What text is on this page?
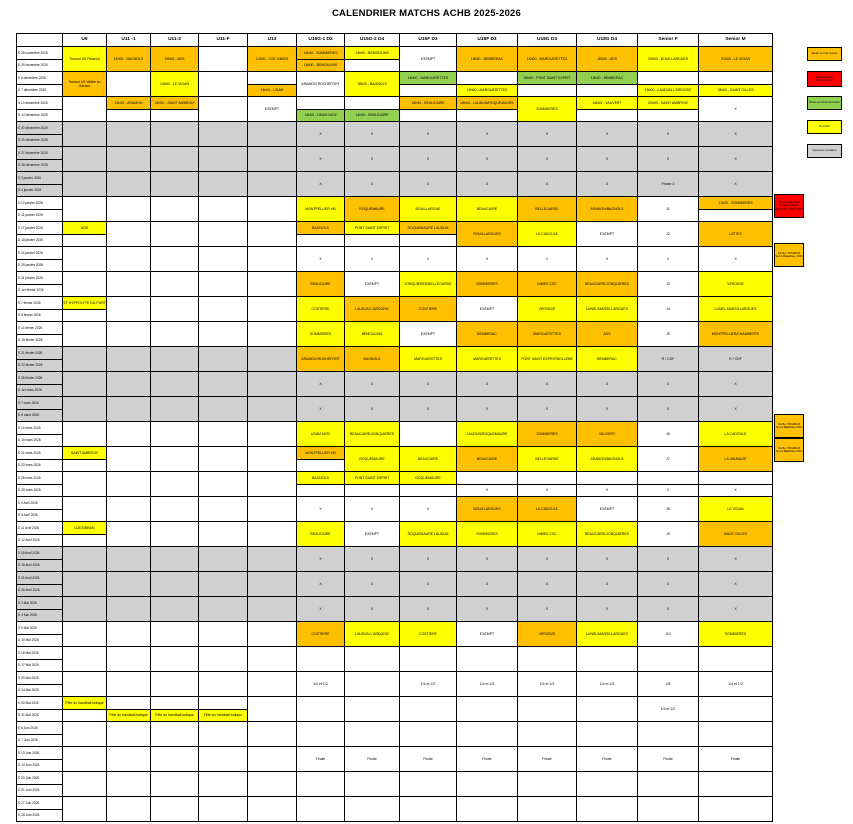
CALENDRIER MATCHS ACHB 2025-2026
	U9	U11 -1	U11-2	U11-F	U13	U15G-1 D2	U15G-2 D4	U15F D3	U18F D3	U18G D3	U18G D4	Senior F	Senior M
S 29 novembre 2025	Tournoi U9 Pétanck	14h00 - BAGNOLS	15h00 - ADS		14h00 - CSC NIMES	14h00 - SOMMIERES	14h00 - BEMOULINS	EXEMPT	18h00 - BEMBERAC	14h00 - MARGUERITTES	18h00 - ADS	20h00 - BOUILLARGUES	21h00 - LE VIGAN
D 30 novembre 2025						16h00 - BEMOULINS							
S 6 décembre 2025	Tournoi U9 Vallée du Gardon		14h00 - LE VIGAN			ARAMON ROCHEFORT	18h00 - BAGNOLS	16h00 - MARGUERITTES		18h00 - PONT SAINT ESPRIT	18h00 - BEMBERAC		
D 7 décembre 2025					14h00 - USAM				15h00 - MARGUERITTES			18h00 - LAUDUN L'ARDOISE	18h00 - SAINT GILLES
S 13 décembre 2025		15h00 - ARAMON	16h00 - SAINT AMBROIX		EXEMPT			16h30 - BEAUCAIRE	18h00 - LAUDUN/ROQUEMAURE	SOMMIERES	16h00 - VAUVERT	20h00 - SAINT AMBROIX	X
D 14 décembre 2025						14h00 - USAM NIO2	14h00 - BEAUCAIRE						
S 20 décembre 2025						X	X	X	X	X	X	X	X
D 21 décembre 2025													
S 27 décembre 2025						X	X	X	X	X	X	X	X
D 28 décembre 2025													
S 3 janvier 2026						X	X	X	X	X	X	Phase 2	X
D 4 janvier 2026													
S 10 janvier 2026						MONTPELLIER HB	ROQUEMAURE	BOUILLARGUE	BEAUCAIRE	BELLEGARDE	ARAMON/BAGNOLS	J1	21h00 - SOMMIERES
D 11 janvier 2026													
S 17 janvier 2026	ADS					BAGNOLS	PONT SAINT ESPRIT	ROQUEMAURE LAUDUN	ROUILLARGUES	LA CADOULE	EXEMPT	J2	LATTES
D 18 janvier 2026													
S 24 janvier 2026						X	X	X	X	X	X	X	X
D 25 janvier 2026													
S 31 janvier 2026						BEAUCAIRE	EXEMPT	JONQUIERES/BELLEGARDE	SOMMIERES	NIMES CSC	BEAUCAIRE/JONQUIERES	J3	VERGEZE
D 1er février 2026													
S 7 février 2026	ST HYPPOLYTE DU FORT					COSTIERE	LAUDUN L'ARDOISE	COSTIERE	EXEMPT	VERGEZE	LUNEL/MARSILLARGUES	J4	LUNEL MARSILLARGUES
D 8 février 2026													
S 14 février 2026						SOMMIERES	BEMOULINS	EXEMPT	BEMBERAC	MARGUERITTES	ADS	J5	MONTPELLIER/CHAMBERTE
D 15 février 2026													
S 21 février 2026						ARAMON ROCHEFORT	BAGNOLS	MARGUERITTES	MARGUERITTES	PONT SAINT ESPRIT/BOLLENE	BEMBERAC	R / CDF	R / CDF
D 22 février 2026													
S 28 février 2026						X	X	X	X	X	X	X	X
D 1er mars 2026													
S 7 mars 2026						X	X	X	X	X	X	X	X
D 8 mars 2026													
S 14 mars 2026						USAM NIO2	BEAUCAIRE/JONQUIERES		LAUDUN/ROQUEMAURE	SOMMIERES	VAUVERT	J6	LA CADOULE
D 15 mars 2026													
S 21 mars 2026	SAINT AMBROIX					MONTPELLIER HB	ROQUEMAURE	BEAUCAIRE	BEAUCAIRE	BELLEGARDE	ARAMON/BAGNOLS	J7	LA VAUNAGE
D 22 mars 2026													
S 28 mars 2026						BAGNOLS	PONT SAINT ESPRIT	ROQUEMAURE					
D 29 mars 2026									X	X	X	X	X
S 4 Avril 2026						X	X	X	BOUILLARGUES	LA CADOULE	EXEMPT	J8	LE VIGAN
D 5 Avril 2026													
S 11 Avril 2026	UZES/BRAN					BEAUCAIRE	EXEMPT	ROQUEMAURE LAUDUN	SOMMIERES	NIMES CSC	BEAUCAIRE/JONQUIERES	J9	SAINT GILLES
D 12 Avril 2026													
S 18 Avril 2026						X	X	X	X	X	X	X	X
D 19 Avril 2026													
S 25 Avril 2026						X	X	X	X	X	X	X	X
D 26 Avril 2026													
S 2 Mai 2026						X	X	X	X	X	X	X	X
D 3 Mai 2026													
S 9 Mai 2026						COSTIERE	LAUDUN L'ARDOISE	COSTIERE	EXEMPT	VERGEZE	LUNEL/MARSILLARGUES	J10	SOMMIERES
D 10 Mai 2026													
S 16 Mai 2026													
D 17 Mai 2026													
S 23 Mai 2026						1/4 et 1/2		1/4 et 1/2	1/4 et 1/2	1/4 et 1/2	1/4 et 1/2	1/8	1/4 et 1/2
D 24 Mai 2026													
S 30 Mai 2026	Fête du handball ludique											1/4 et 1/2	
D 31 Mai 2026		Fête du handball ludique	Fête du handball ludique	Fête du handball ludique									
S 6 Juin 2026													
D 7 Juin 2026													
S 13 Juin 2026						Finale	Finale	Finale	Finale	Finale	Finale	Finale	Finale
D 14 Juin 2026													
S 20 Juin 2026													
D 21 Juin 2026													
S 27 Juin 2026													
D 28 Juin 2026													
Week-end de Coupe
Week-end de Championnat
Week-end d'Anniversaire
Domicile
Vacances scolaires
Tournoi Handball Féminin 18 ans Beaucaire 18/01 2026
Vérifier TOURNOI Sud à Baladrias, 2026
Vérifier TOURNOI Sud à Baladrias 2026
Vérifier TOURNOI Sud à Baladrias 2026
